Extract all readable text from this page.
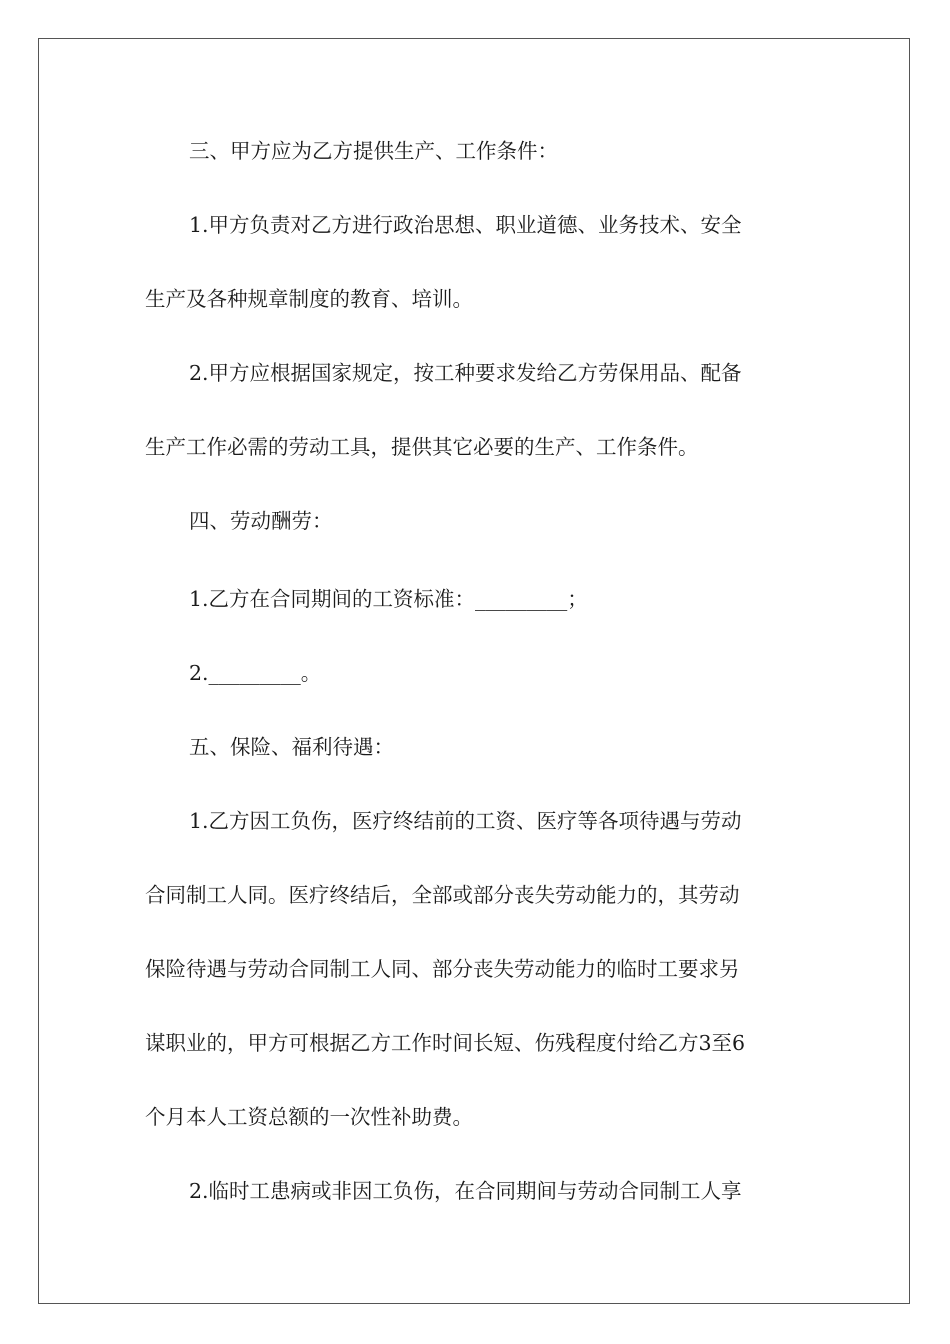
三、甲方应为乙方提供生产、工作条件：

1.甲方负责对乙方进行政治思想、职业道德、业务技术、安全

生产及各种规章制度的教育、培训。

2.甲方应根据国家规定，按工种要求发给乙方劳保用品、配备

生产工作必需的劳动工具，提供其它必要的生产、工作条件。

四、劳动酬劳：

1.乙方在合同期间的工资标准：_________；

2._________。

五、保险、福利待遇：

1.乙方因工负伤，医疗终结前的工资、医疗等各项待遇与劳动

合同制工人同。医疗终结后，全部或部分丧失劳动能力的，其劳动

保险待遇与劳动合同制工人同、部分丧失劳动能力的临时工要求另

谋职业的，甲方可根据乙方工作时间长短、伤残程度付给乙方3至6

个月本人工资总额的一次性补助费。

2.临时工患病或非因工负伤，在合同期间与劳动合同制工人享
